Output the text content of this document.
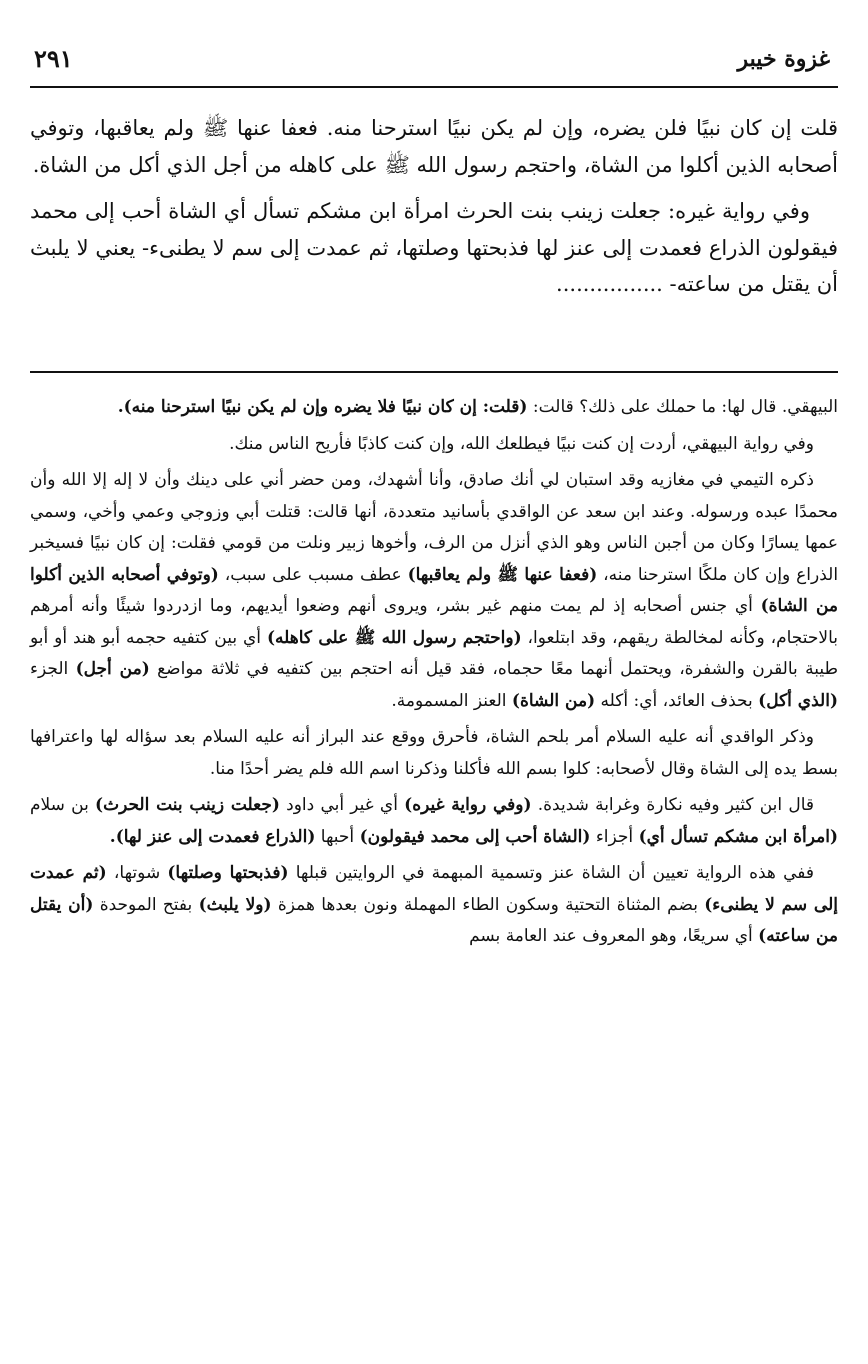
غزوة خيبر
٢٩١

قلت إن كان نبيًا فلن يضره، وإن لم يكن نبيًا استرحنا منه. فعفا عنها ﷺ ولم يعاقبها، وتوفي أصحابه الذين أكلوا من الشاة، واحتجم رسول الله ﷺ على كاهله من أجل الذي أكل من الشاة.

وفي رواية غيره: جعلت زينب بنت الحرث امرأة ابن مشكم تسأل أي الشاة أحب إلى محمد فيقولون الذراع فعمدت إلى عنز لها فذبحتها وصلتها، ثم عمدت إلى سم لا يطنىء- يعني لا يلبث أن يقتل من ساعته- ................

البيهقي. قال لها: ما حملك على ذلك؟ قالت: (قلت: إن كان نبيًا فلا يضره وإن لم يكن نبيًا استرحنا منه).

وفي رواية البيهقي، أردت إن كنت نبيًا فيطلعك الله، وإن كنت كاذبًا فأريح الناس منك.

ذكره التيمي في مغازيه وقد استبان لي أنك صادق، وأنا أشهدك، ومن حضر أني على دينك وأن لا إله إلا الله وأن محمدًا عبده ورسوله. وعند ابن سعد عن الواقدي بأسانيد متعددة، أنها قالت: قتلت أبي وزوجي وعمي وأخي، وسمي عمها يسارًا وكان من أجبن الناس وهو الذي أنزل من الرف، وأخوها زبير ونلت من قومي فقلت: إن كان نبيًا فسيخبر الذراع وإن كان ملكًا استرحنا منه، (فعفا عنها ﷺ ولم يعاقبها) عطف مسبب على سبب، (وتوفي أصحابه الذين أكلوا من الشاة) أي جنس أصحابه إذ لم يمت منهم غير بشر، ويروى أنهم وضعوا أيديهم، وما ازدردوا شيئًا وأنه أمرهم بالاحتجام، وكأنه لمخالطة ريقهم، وقد ابتلعوا، (واحتجم رسول الله ﷺ على كاهله) أي بين كتفيه حجمه أبو هند أو أبو طيبة بالقرن والشفرة، ويحتمل أنهما معًا حجماه، فقد قيل أنه احتجم بين كتفيه في ثلاثة مواضع (من أجل) الجزء (الذي أكل) بحذف العائد، أي: أكله (من الشاة) العنز المسمومة.

وذكر الواقدي أنه عليه السلام أمر بلحم الشاة، فأحرق ووقع عند البراز أنه عليه السلام بعد سؤاله لها واعترافها بسط يده إلى الشاة وقال لأصحابه: كلوا بسم الله فأكلنا وذكرنا اسم الله فلم يضر أحدًا منا.

قال ابن كثير وفيه نكارة وغرابة شديدة. (وفي رواية غيره) أي غير أبي داود (جعلت زينب بنت الحرث) بن سلام (امرأة ابن مشكم تسأل أي) أجزاء (الشاة أحب إلى محمد فيقولون) أحبها (الذراع فعمدت إلى عنز لها).

ففي هذه الرواية تعيين أن الشاة عنز وتسمية المبهمة في الروايتين قبلها (فذبحتها وصلتها) شوتها، (ثم عمدت إلى سم لا يطنىء) بضم المثناة التحتية وسكون الطاء المهملة ونون بعدها همزة (ولا يلبث) بفتح الموحدة (أن يقتل من ساعته) أي سريعًا، وهو المعروف عند العامة بسم
